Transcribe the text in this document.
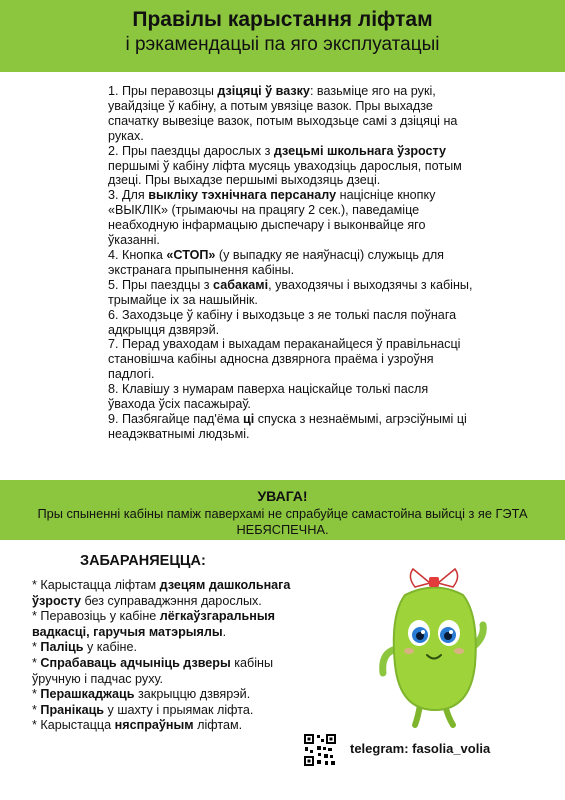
Правілы карыстання ліфтам
і рэкамендацыі па яго эксплуатацыі

1. Пры перавозцы дзіцяці ў вазку: вазьміце яго на рукі, увайдзіце ў кабіну, а потым увязіце вазок. Пры выхадзе спачатку вывезіце вазок, потым выходзьце самі з дзіцяці на руках.

2. Пры паездцы дарослых з дзецьмі школьнага ўзросту першымі ў кабіну ліфта мусяць уваходзіць дарослыя, потым дзеці. Пры выхадзе першымі выходзяць дзеці.

3. Для выкліку тэхнічнага персаналу націсніце кнопку «ВЫКЛІК» (трымаючы на працягу 2 сек.), паведаміце неабходную інфармацыю дыспечару і выконвайце яго ўказанні.

4. Кнопка «СТОП» (у выпадку яе наяўнасці) служыць для экстранага прыпынення кабіны.

5. Пры паездцы з сабакамі, уваходзячы і выходзячы з кабіны, трымайце іх за нашыйнік.

6. Заходзьце ў кабіну і выходзьце з яе толькі пасля поўнага адкрыцця дзвярэй.

7. Перад уваходам і выхадам пераканайцеся ў правільнасці становішча кабіны адносна дзвярнога праёма і узроўня падлогі.

8. Клавішу з нумарам паверха націскайце толькі пасля ўвахода ўсіх пасажыраў.

9. Пазбягайце пад'ёма ці спуска з незнаёмымі, агрэсіўнымі ці неадэкватнымі людзьмі.

УВАГА!
Пры спыненні кабіны паміж паверхамі не спрабуйце самастойна выйсці з яе ГЭТА НЕБЯСПЕЧНА.
ЗАБАРАНЯЕЦЦА:

* Карыстацца ліфтам дзецям дашкольнага ўзросту без суправаджэння дарослых.

* Перавозіць у кабіне лёгкаўзгаральныя вадкасці, гаручыя матэрыялы.

* Паліць у кабіне.

* Спрабаваць адчыніць дзверы кабіны ўручную і падчас руху.

* Перашкаджаць закрыццю дзвярэй.

* Пранікаць у шахту і прыямак ліфта.

* Карыстацца няспраўным ліфтам.

telegram: fasolia_volia
